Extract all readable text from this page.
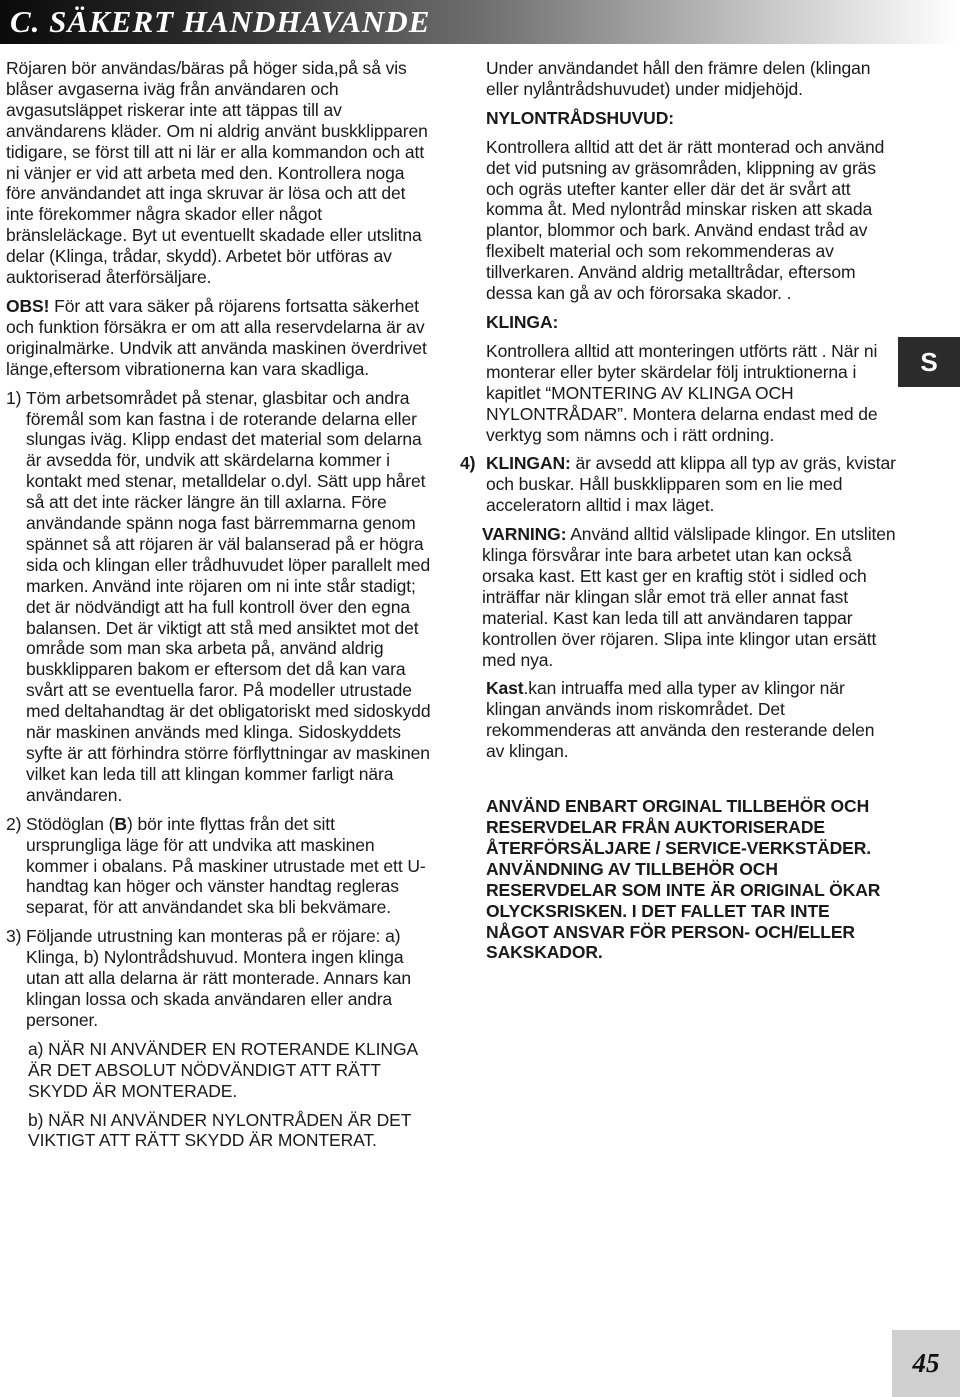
C. SÄKERT HANDHAVANDE

Röjaren bör användas/bäras på höger sida,på så vis blåser avgaserna iväg från användaren och avgasutsläppet riskerar inte att täppas till av användarens kläder. Om ni aldrig använt buskklipparen tidigare, se först till att ni lär er alla kommandon och att ni vänjer er vid att arbeta med den. Kontrollera noga före användandet att inga skruvar är lösa och att det inte förekommer några skador eller något bränsleläckage. Byt ut eventuellt skadade eller utslitna delar (Klinga, trådar, skydd). Arbetet bör utföras av auktoriserad återförsäljare.

OBS! För att vara säker på röjarens fortsatta säkerhet och funktion försäkra er om att alla reservdelarna är av originalmärke. Undvik att använda maskinen överdrivet länge,eftersom vibrationerna kan vara skadliga.

1) Töm arbetsområdet på stenar, glasbitar och andra föremål som kan fastna i de roterande delarna eller slungas iväg. Klipp endast det material som delarna är avsedda för, undvik att skärdelarna kommer i kontakt med stenar, metalldelar o.dyl. Sätt upp håret så att det inte räcker längre än till axlarna. Före användande spänn noga fast bärremmarna genom spännet så att röjaren är väl balanserad på er högra sida och klingan eller trådhuvudet löper parallelt med marken. Använd inte röjaren om ni inte står stadigt; det är nödvändigt att ha full kontroll över den egna balansen. Det är viktigt att stå med ansiktet mot det område som man ska arbeta på, använd aldrig buskklipparen bakom er eftersom det då kan vara svårt att se eventuella faror. På modeller utrustade med deltahandtag är det obligatoriskt med sidoskydd när maskinen används med klinga. Sidoskyddets syfte är att förhindra större förflyttningar av maskinen vilket kan leda till att klingan kommer farligt nära användaren.

2) Stödöglan (B) bör inte flyttas från det sitt ursprungliga läge för att undvika att maskinen kommer i obalans. På maskiner utrustade met ett U-handtag kan höger och vänster handtag regleras separat, för att användandet ska bli bekvämare.

3) Följande utrustning kan monteras på er röjare: a) Klinga, b) Nylontrådshuvud. Montera ingen klinga utan att alla delarna är rätt monterade. Annars kan klingan lossa och skada användaren eller andra personer.

a) NÄR NI ANVÄNDER EN ROTERANDE KLINGA ÄR DET ABSOLUT NÖDVÄNDIGT ATT RÄTT SKYDD ÄR MONTERADE.

b) NÄR NI ANVÄNDER NYLONTRÅDEN ÄR DET VIKTIGT ATT RÄTT SKYDD ÄR MONTERAT.

Under användandet håll den främre delen (klingan eller nylåntrådshuvudet) under midjehöjd.

NYLONTRÅDSHUVUD:

Kontrollera alltid att det är rätt monterad och använd det vid putsning av gräsområden, klippning av gräs och ogräs utefter kanter eller där det är svårt att komma åt. Med nylontråd minskar risken att skada plantor, blommor och bark. Använd endast tråd av flexibelt material och som rekommenderas av tillverkaren. Använd aldrig metalltrådar, eftersom dessa kan gå av och förorsaka skador. .

KLINGA:

Kontrollera alltid att monteringen utförts rätt . När ni monterar eller byter skärdelar följ intruktionerna i kapitlet “MONTERING AV KLINGA OCH NYLONTRÅDAR”. Montera delarna endast med de verktyg som nämns och i rätt ordning.

4) KLINGAN: är avsedd att klippa all typ av gräs, kvistar och buskar. Håll buskklipparen som en lie med acceleratorn alltid i max läget.

VARNING: Använd alltid välslipade klingor. En utsliten klinga försvårar inte bara arbetet utan kan också orsaka kast. Ett kast ger en kraftig stöt i sidled och inträffar när klingan slår emot trä eller annat fast material. Kast kan leda till att användaren tappar kontrollen över röjaren. Slipa inte klingor utan ersätt med nya.

Kast.kan intruaffa med alla typer av klingor när klingan används inom riskområdet. Det rekommenderas att använda den resterande delen av klingan.

ANVÄND ENBART ORGINAL TILLBEHÖR OCH RESERVDELAR FRÅN AUKTORISERADE ÅTERFÖRSÄLJARE / SERVICE-VERKSTÄDER. ANVÄNDNING AV TILLBEHÖR OCH RESERVDELAR SOM INTE ÄR ORIGINAL ÖKAR OLYCKSRISKEN. I DET FALLET TAR INTE NÅGOT ANSVAR FÖR PERSON- OCH/ELLER SAKSKADOR.

S
45
